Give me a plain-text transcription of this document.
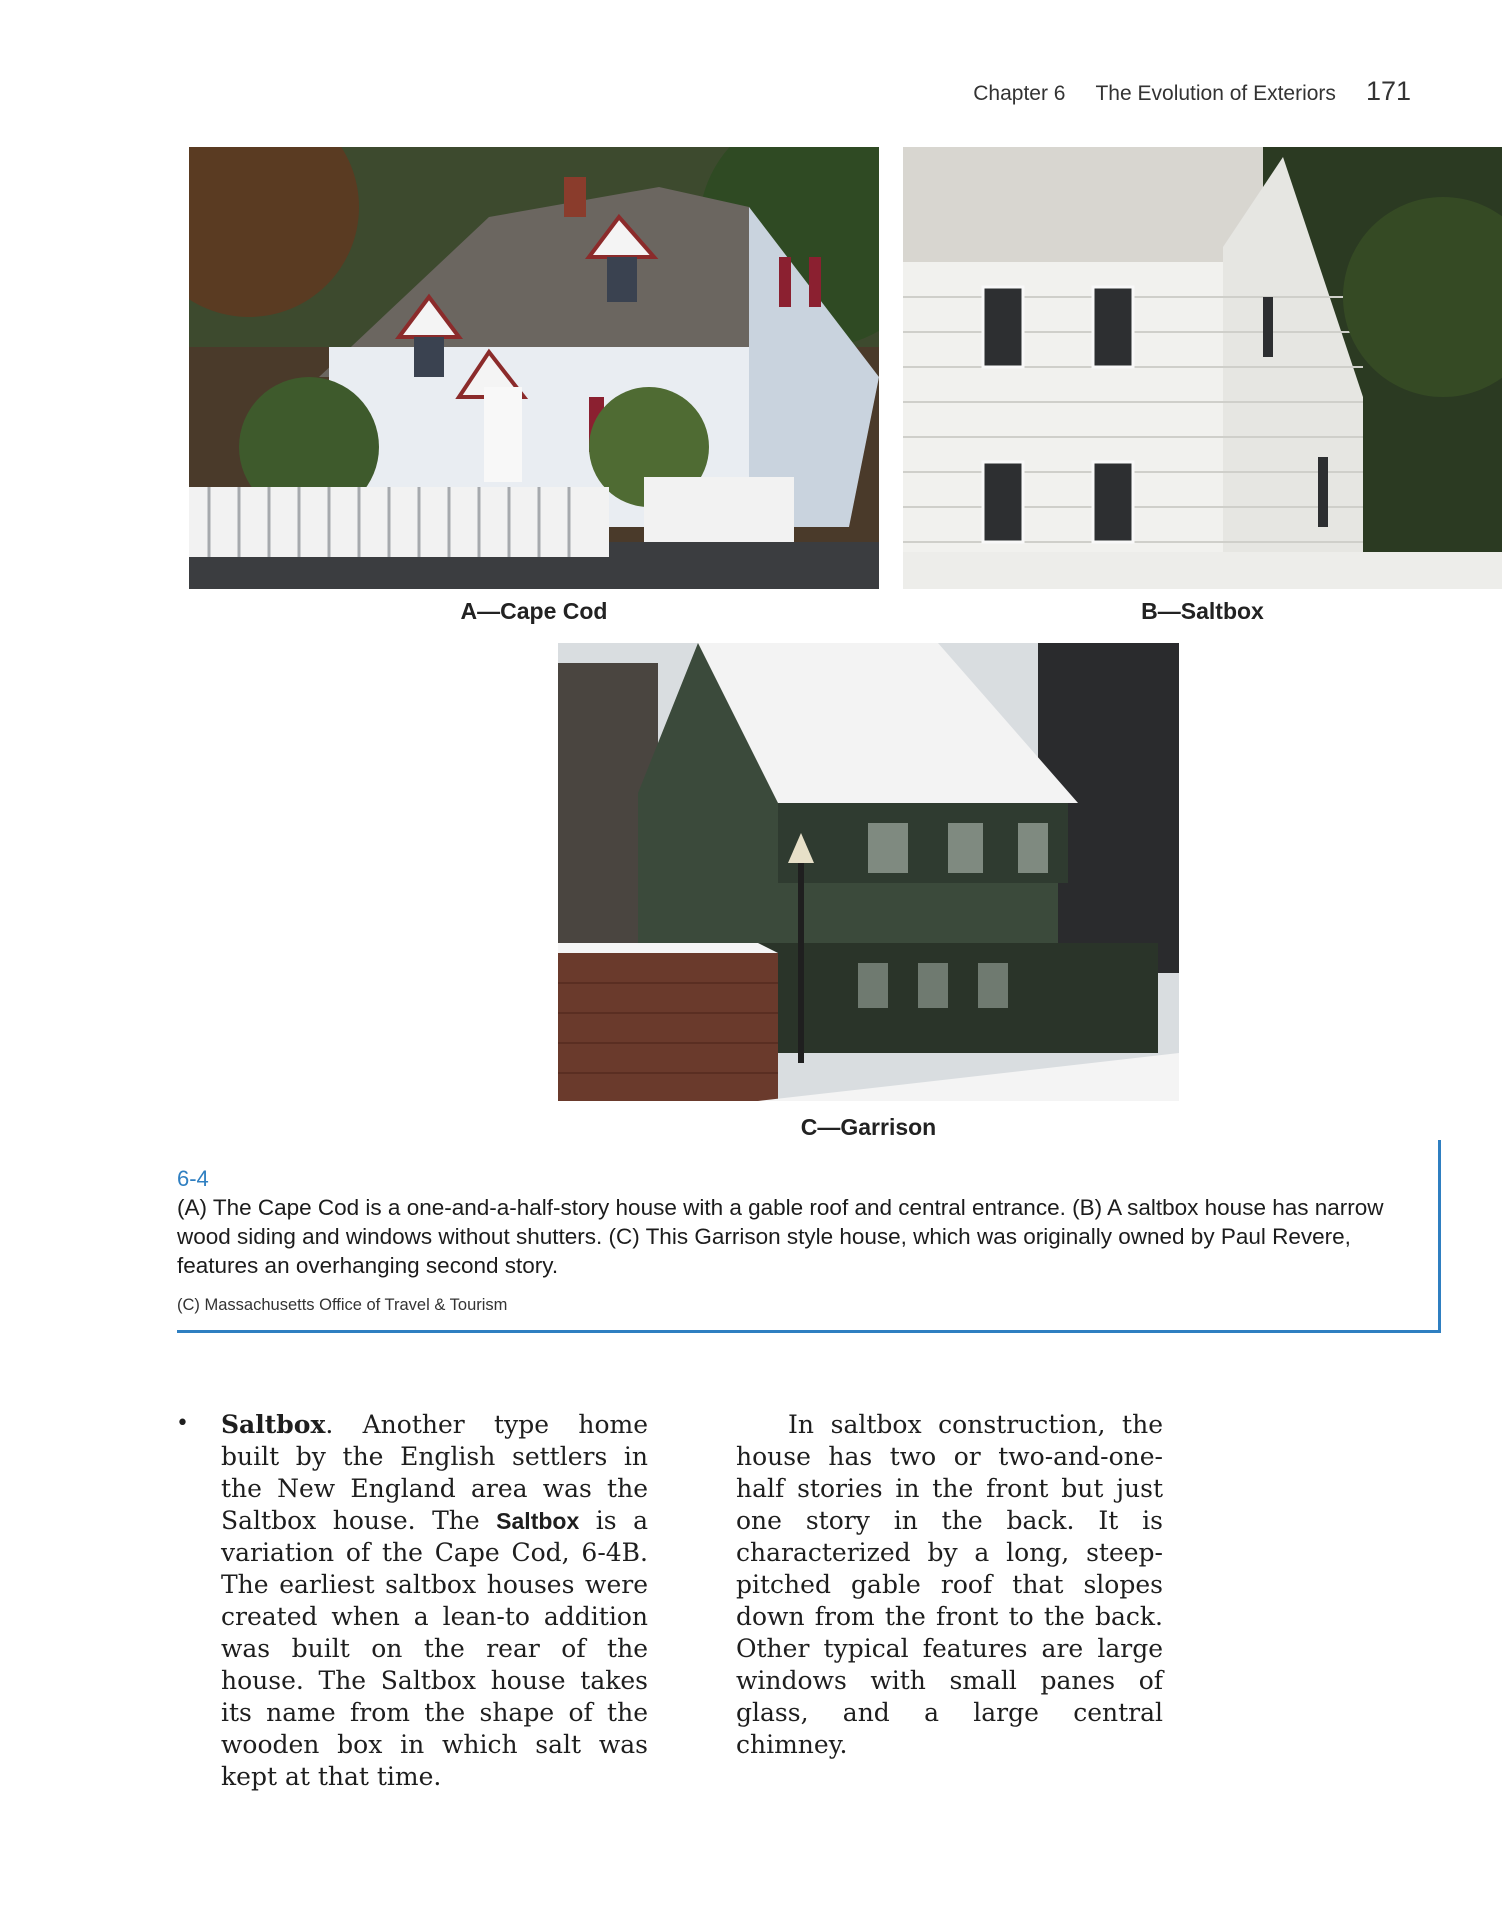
Chapter 6 The Evolution of Exteriors 171
A—Cape Cod	B—Saltbox
C—Garrison
6-4
(A) The Cape Cod is a one-and-a-half-story house with a gable roof and central entrance. (B) A saltbox house has narrow wood siding and windows without shutters. (C) This Garrison style house, which was originally owned by Paul Revere, features an overhanging second story.
(C) Massachusetts Office of Travel & Tourism
• Saltbox. Another type home built by the English settlers in the New England area was the Saltbox house. The Saltbox is a variation of the Cape Cod, 6-4B. The earliest saltbox houses were created when a lean-to addition was built on the rear of the house. The Saltbox house takes its name from the shape of the wooden box in which salt was kept at that time.

In saltbox construction, the house has two or two-and-one-half stories in the front but just one story in the back. It is characterized by a long, steep-pitched gable roof that slopes down from the front to the back. Other typical features are large windows with small panes of glass, and a large central chimney.
